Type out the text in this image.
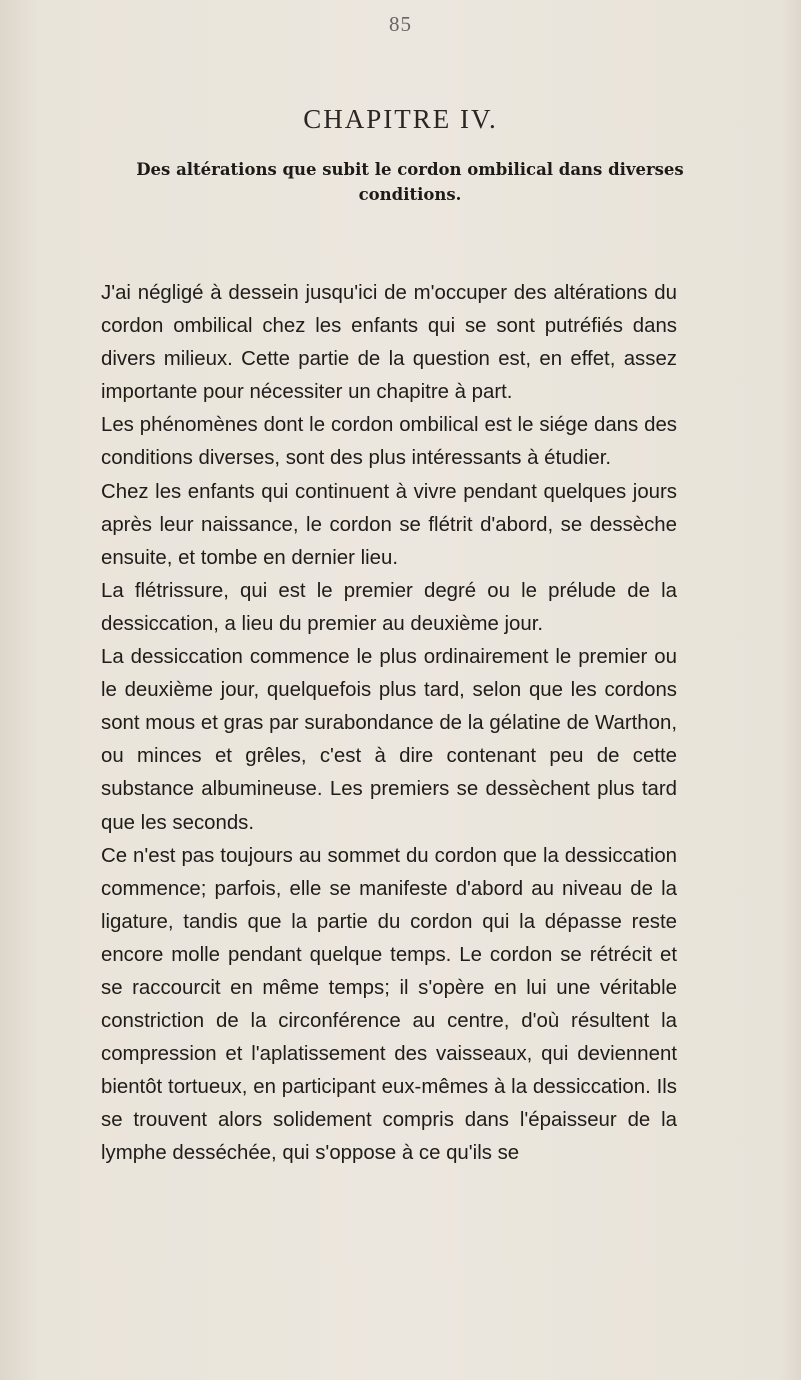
85
CHAPITRE IV.
Des altérations que subit le cordon ombilical dans diverses conditions.

J'ai négligé à dessein jusqu'ici de m'occuper des altérations du cordon ombilical chez les enfants qui se sont putréfiés dans divers milieux. Cette partie de la question est, en effet, assez importante pour nécessiter un chapitre à part.

Les phénomènes dont le cordon ombilical est le siége dans des conditions diverses, sont des plus intéressants à étudier.

Chez les enfants qui continuent à vivre pendant quelques jours après leur naissance, le cordon se flétrit d'abord, se dessèche ensuite, et tombe en dernier lieu.

La flétrissure, qui est le premier degré ou le prélude de la dessiccation, a lieu du premier au deuxième jour.

La dessiccation commence le plus ordinairement le premier ou le deuxième jour, quelquefois plus tard, selon que les cordons sont mous et gras par surabondance de la gélatine de Warthon, ou minces et grêles, c'est à dire contenant peu de cette substance albumineuse. Les premiers se dessèchent plus tard que les seconds.

Ce n'est pas toujours au sommet du cordon que la dessiccation commence; parfois, elle se manifeste d'abord au niveau de la ligature, tandis que la partie du cordon qui la dépasse reste encore molle pendant quelque temps. Le cordon se rétrécit et se raccourcit en même temps; il s'opère en lui une véritable constriction de la circonférence au centre, d'où résultent la compression et l'aplatissement des vaisseaux, qui deviennent bientôt tortueux, en participant eux-mêmes à la dessiccation. Ils se trouvent alors solidement compris dans l'épaisseur de la lymphe desséchée, qui s'oppose à ce qu'ils se
